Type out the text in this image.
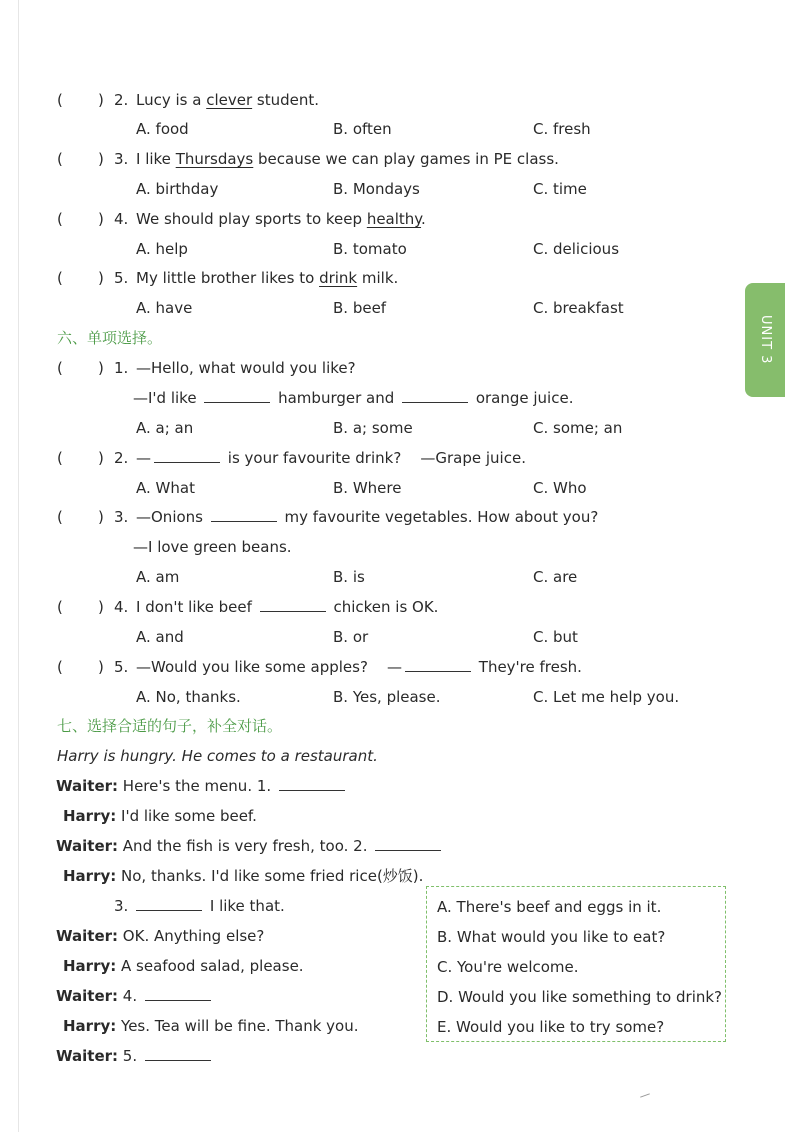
( ) 2. Lucy is a clever student.
A. food	B. often	C. fresh
( ) 3. I like Thursdays because we can play games in PE class.
A. birthday	B. Mondays	C. time
( ) 4. We should play sports to keep healthy.
A. help	B. tomato	C. delicious
( ) 5. My little brother likes to drink milk.
A. have	B. beef	C. breakfast
六、单项选择。
( ) 1. —Hello, what would you like?
—I'd like	hamburger and	orange juice.
A. a; an	B. a; some	C. some; an
( ) 2. —	is your favourite drink? —Grape juice.
A. What	B. Where	C. Who
( ) 3. —Onions	my favourite vegetables. How about you?
—I love green beans.
A. am	B. is	C. are
( ) 4. I don't like beef	chicken is OK.
A. and	B. or	C. but
( ) 5. —Would you like some apples? —	They're fresh.
A. No, thanks.	B. Yes, please.	C. Let me help you.
七、选择合适的句子，补全对话。
Harry is hungry. He comes to a restaurant.
Waiter: Here's the menu. 1.
Harry: I'd like some beef.
Waiter: And the fish is very fresh, too. 2.
Harry: No, thanks. I'd like some fried rice(炒饭).
3.	I like that.
Waiter: OK. Anything else?
Harry: A seafood salad, please.
Waiter: 4.
Harry: Yes. Tea will be fine. Thank you.
Waiter: 5.
A. There's beef and eggs in it.
B. What would you like to eat?
C. You're welcome.
D. Would you like something to drink?
E. Would you like to try some?
UNIT 3
